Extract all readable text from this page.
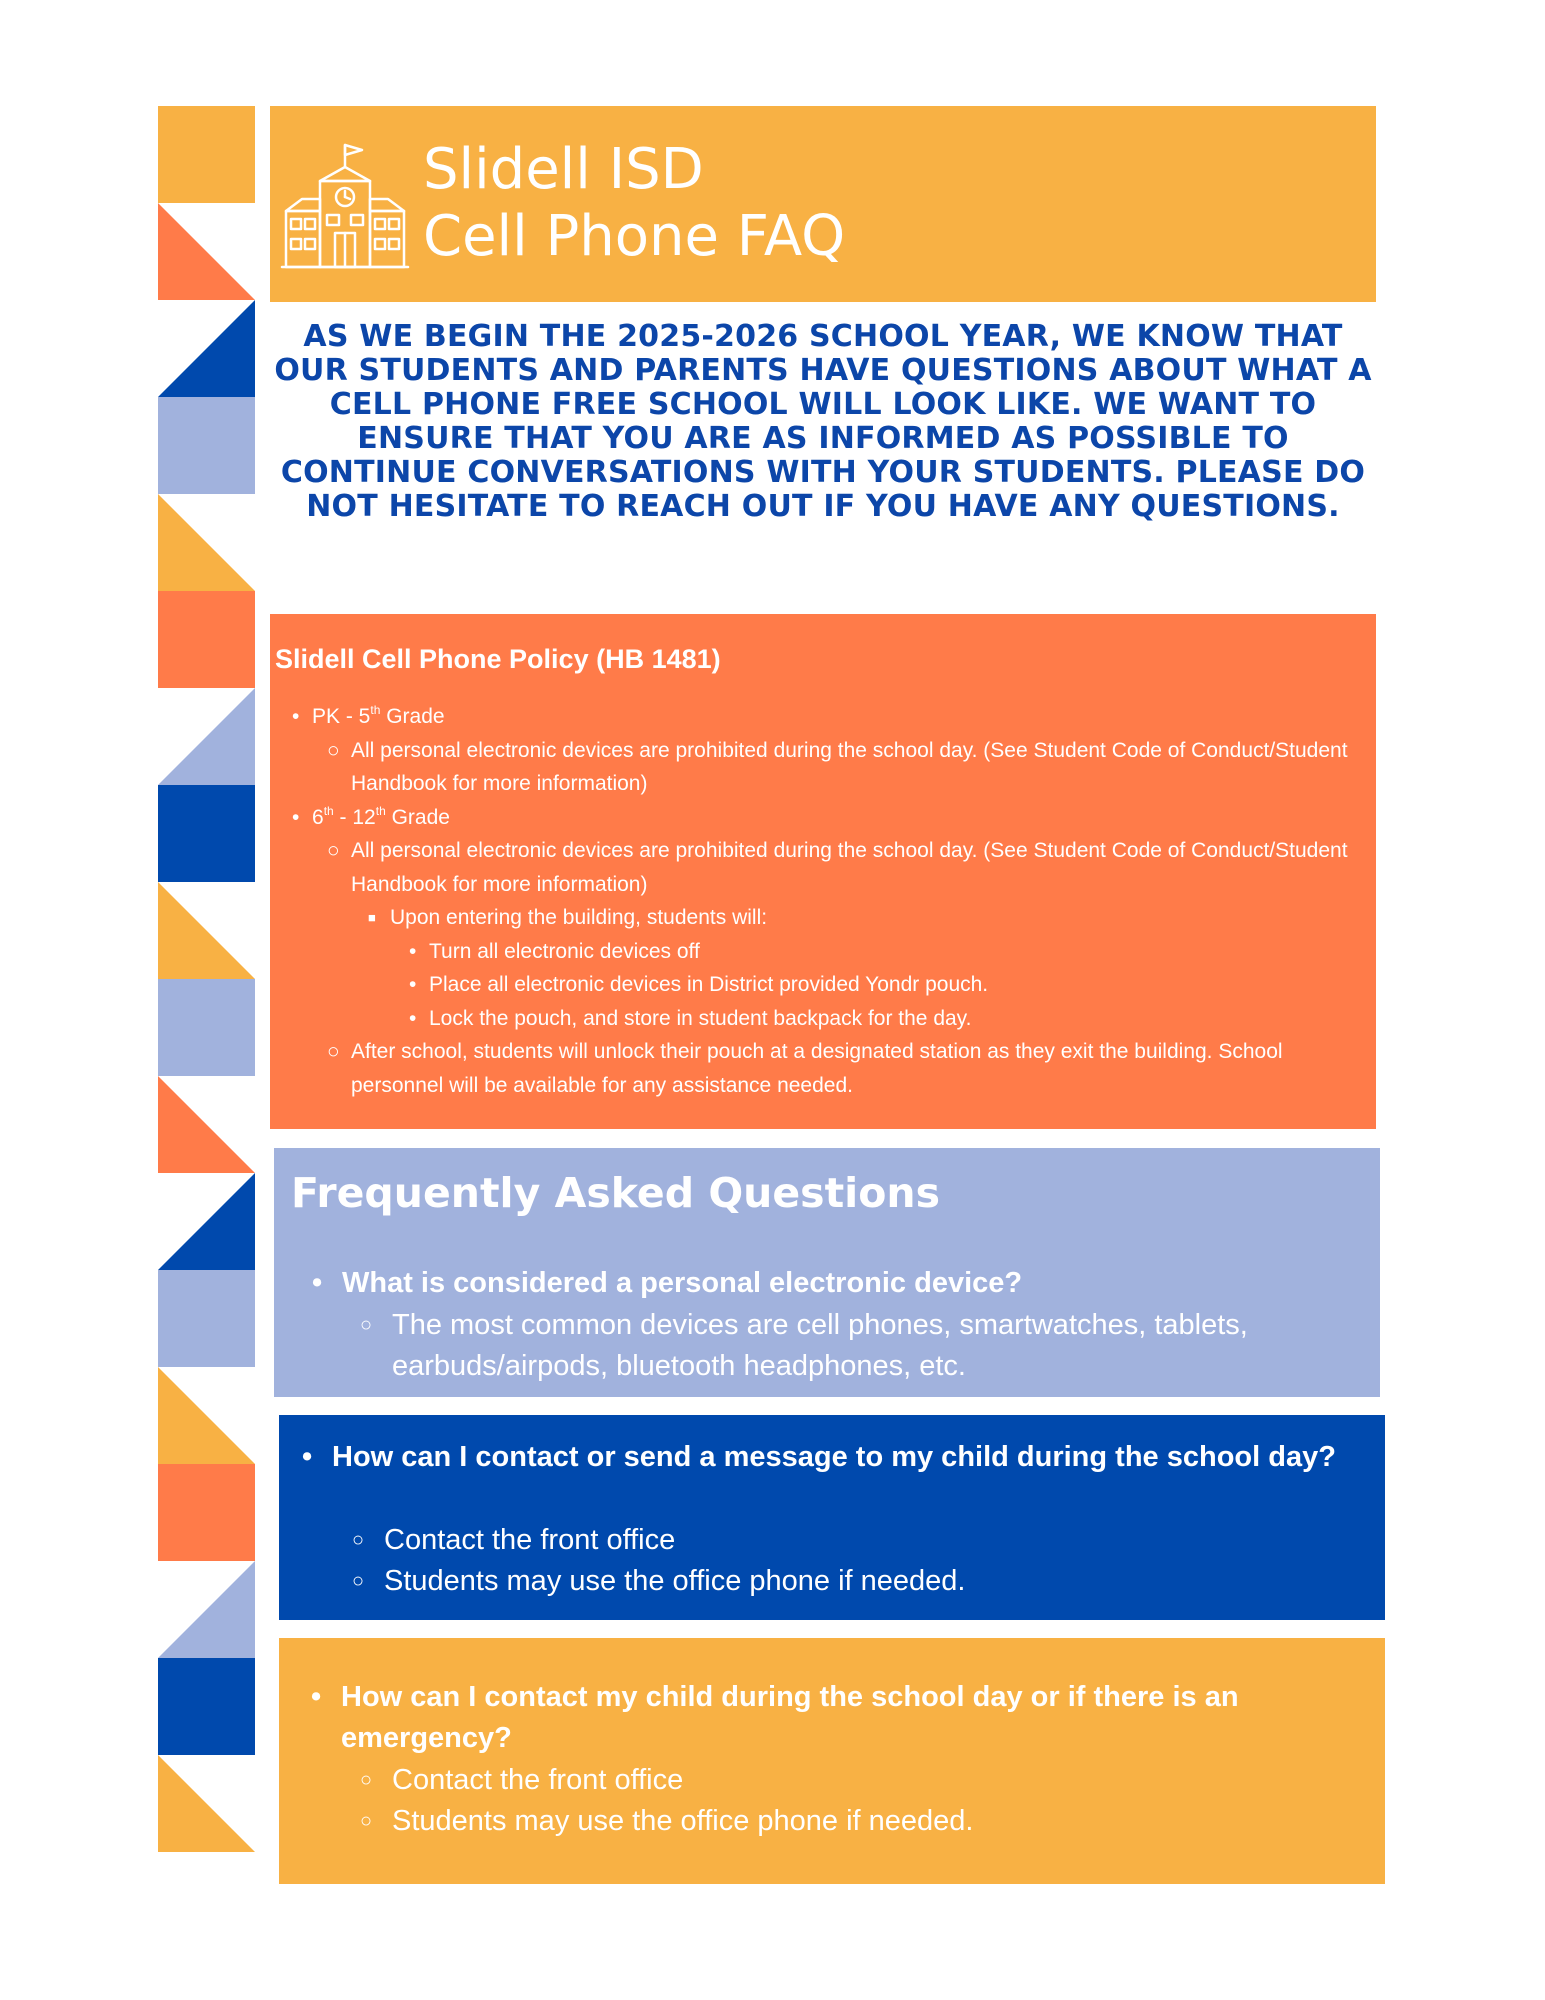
Slidell ISD
Cell Phone FAQ
AS WE BEGIN THE 2025-2026 SCHOOL YEAR, WE KNOW THAT OUR STUDENTS AND PARENTS HAVE QUESTIONS ABOUT WHAT A CELL PHONE FREE SCHOOL WILL LOOK LIKE. WE WANT TO ENSURE THAT YOU ARE AS INFORMED AS POSSIBLE TO CONTINUE CONVERSATIONS WITH YOUR STUDENTS. PLEASE DO NOT HESITATE TO REACH OUT IF YOU HAVE ANY QUESTIONS.
Slidell Cell Phone Policy (HB 1481)
• PK - 5th Grade
○ All personal electronic devices are prohibited during the school day. (See Student Code of Conduct/Student Handbook for more information)
• 6th - 12th Grade
○ All personal electronic devices are prohibited during the school day. (See Student Code of Conduct/Student Handbook for more information)
■ Upon entering the building, students will:
• Turn all electronic devices off
• Place all electronic devices in District provided Yondr pouch.
• Lock the pouch, and store in student backpack for the day.
○ After school, students will unlock their pouch at a designated station as they exit the building. School personnel will be available for any assistance needed.
Frequently Asked Questions
• What is considered a personal electronic device?
○ The most common devices are cell phones, smartwatches, tablets, earbuds/airpods, bluetooth headphones, etc.
• How can I contact or send a message to my child during the school day?
○ Contact the front office
○ Students may use the office phone if needed.
• How can I contact my child during the school day or if there is an emergency?
○ Contact the front office
○ Students may use the office phone if needed.
